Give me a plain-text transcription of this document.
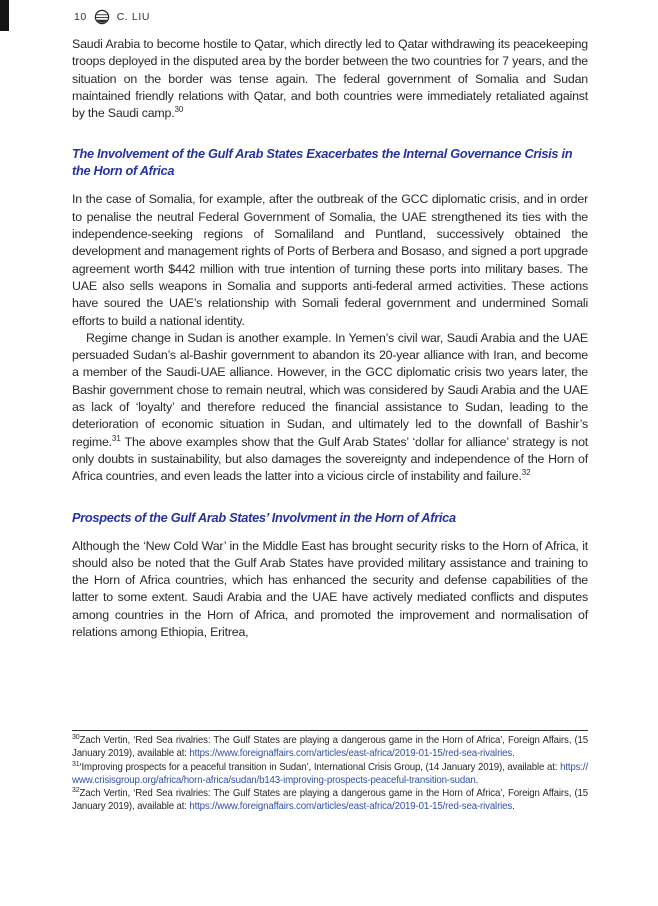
10	C. LIU

Saudi Arabia to become hostile to Qatar, which directly led to Qatar withdrawing its peacekeeping troops deployed in the disputed area by the border between the two countries for 7 years, and the situation on the border was tense again. The federal government of Somalia and Sudan maintained friendly relations with Qatar, and both countries were immediately retaliated against by the Saudi camp.$^{30}$

The Involvement of the Gulf Arab States Exacerbates the Internal Governance Crisis in the Horn of Africa

In the case of Somalia, for example, after the outbreak of the GCC diplomatic crisis, and in order to penalise the neutral Federal Government of Somalia, the UAE strengthened its ties with the independence-seeking regions of Somaliland and Puntland, successively obtained the development and management rights of Ports of Berbera and Bosaso, and signed a port upgrade agreement worth $442 million with true intention of turning these ports into military bases. The UAE also sells weapons in Somalia and supports anti-federal armed activities. These actions have soured the UAE’s relationship with Somali federal government and undermined Somali efforts to build a national identity.

Regime change in Sudan is another example. In Yemen’s civil war, Saudi Arabia and the UAE persuaded Sudan’s al-Bashir government to abandon its 20-year alliance with Iran, and become a member of the Saudi-UAE alliance. However, in the GCC diplomatic crisis two years later, the Bashir government chose to remain neutral, which was considered by Saudi Arabia and the UAE as lack of ‘loyalty’ and therefore reduced the financial assistance to Sudan, leading to the deterioration of economic situation in Sudan, and ultimately led to the downfall of Bashir’s regime.$^{31}$ The above examples show that the Gulf Arab States’ ‘dollar for alliance’ strategy is not only doubts in sustainability, but also damages the sovereignty and independence of the Horn of Africa countries, and even leads the latter into a vicious circle of instability and failure.$^{32}$

Prospects of the Gulf Arab States’ Involvment in the Horn of Africa

Although the ‘New Cold War’ in the Middle East has brought security risks to the Horn of Africa, it should also be noted that the Gulf Arab States have provided military assistance and training to the Horn of Africa countries, which has enhanced the security and defense capabilities of the latter to some extent. Saudi Arabia and the UAE have actively mediated conflicts and disputes among countries in the Horn of Africa, and promoted the improvement and normalisation of relations among Ethiopia, Eritrea,

$^{30}$Zach Vertin, ‘Red Sea rivalries: The Gulf States are playing a dangerous game in the Horn of Africa’, Foreign Affairs, (15 January 2019), available at: https://www.foreignaffairs.com/articles/east-africa/2019-01-15/red-sea-rivalries.

$^{31}$‘Improving prospects for a peaceful transition in Sudan’, International Crisis Group, (14 January 2019), available at: https://www.crisisgroup.org/africa/horn-africa/sudan/b143-improving-prospects-peaceful-transition-sudan.

$^{32}$Zach Vertin, ‘Red Sea rivalries: The Gulf States are playing a dangerous game in the Horn of Africa’, Foreign Affairs, (15 January 2019), available at: https://www.foreignaffairs.com/articles/east-africa/2019-01-15/red-sea-rivalries.
